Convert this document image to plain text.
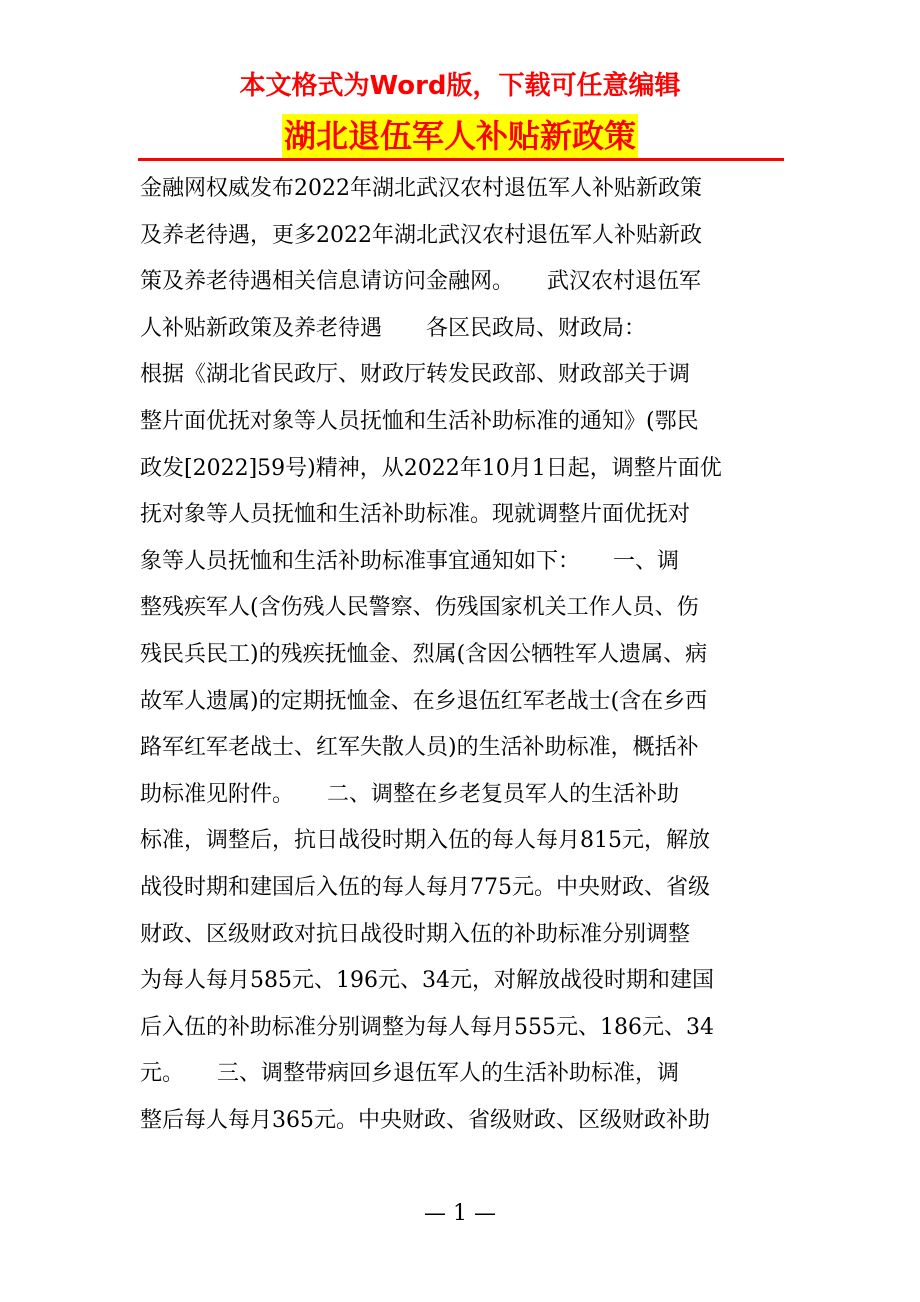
本文格式为Word版，下载可任意编辑
湖北退伍军人补贴新政策
金融网权威发布2022年湖北武汉农村退伍军人补贴新政策
及养老待遇，更多2022年湖北武汉农村退伍军人补贴新政
策及养老待遇相关信息请访问金融网。　　武汉农村退伍军
人补贴新政策及养老待遇　　各区民政局、财政局：
根据《湖北省民政厅、财政厅转发民政部、财政部关于调
整片面优抚对象等人员抚恤和生活补助标准的通知》(鄂民
政发[2022]59号)精神，从2022年10月1日起，调整片面优
抚对象等人员抚恤和生活补助标准。现就调整片面优抚对
象等人员抚恤和生活补助标准事宜通知如下：　　一、调
整残疾军人(含伤残人民警察、伤残国家机关工作人员、伤
残民兵民工)的残疾抚恤金、烈属(含因公牺牲军人遗属、病
故军人遗属)的定期抚恤金、在乡退伍红军老战士(含在乡西
路军红军老战士、红军失散人员)的生活补助标准，概括补
助标准见附件。　　二、调整在乡老复员军人的生活补助
标准，调整后，抗日战役时期入伍的每人每月815元，解放
战役时期和建国后入伍的每人每月775元。中央财政、省级
财政、区级财政对抗日战役时期入伍的补助标准分别调整
为每人每月585元、196元、34元，对解放战役时期和建国
后入伍的补助标准分别调整为每人每月555元、186元、34
元。　　三、调整带病回乡退伍军人的生活补助标准，调
整后每人每月365元。中央财政、省级财政、区级财政补助
— 1 —
